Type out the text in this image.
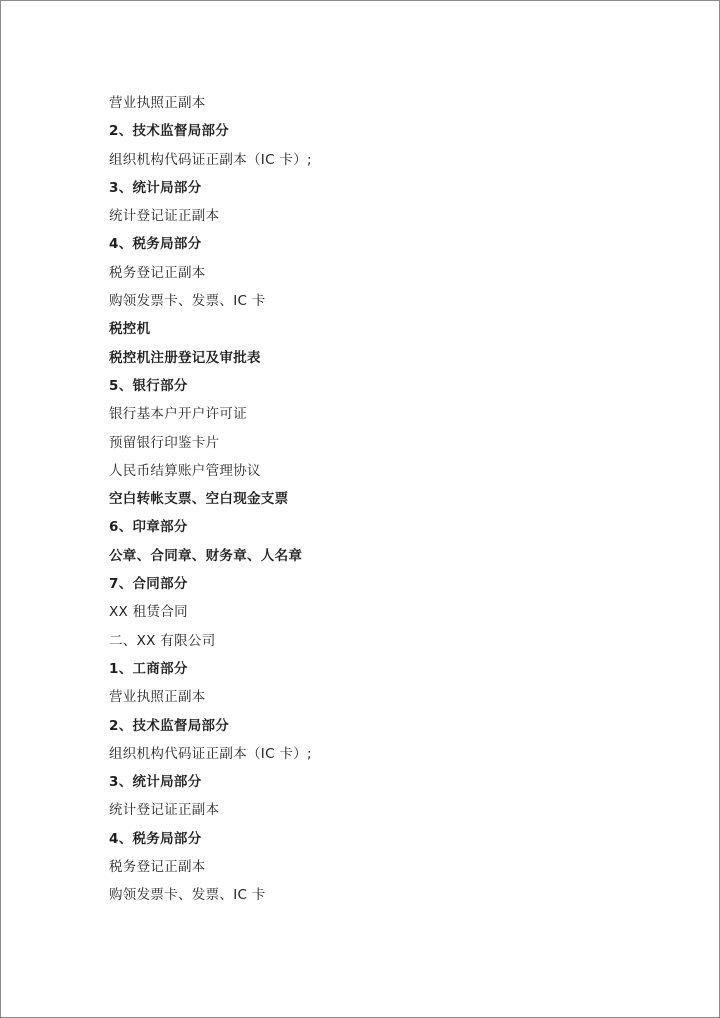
营业执照正副本
2、技术监督局部分
组织机构代码证正副本（IC 卡）;
3、统计局部分
统计登记证正副本
4、税务局部分
税务登记正副本
购领发票卡、发票、IC 卡
税控机
税控机注册登记及审批表
5、银行部分
银行基本户开户许可证
预留银行印鉴卡片
人民币结算账户管理协议
空白转帐支票、空白现金支票
6、印章部分
公章、合同章、财务章、人名章
7、合同部分
XX 租赁合同
二、XX 有限公司
1、工商部分
营业执照正副本
2、技术监督局部分
组织机构代码证正副本（IC 卡）;
3、统计局部分
统计登记证正副本
4、税务局部分
税务登记正副本
购领发票卡、发票、IC 卡
